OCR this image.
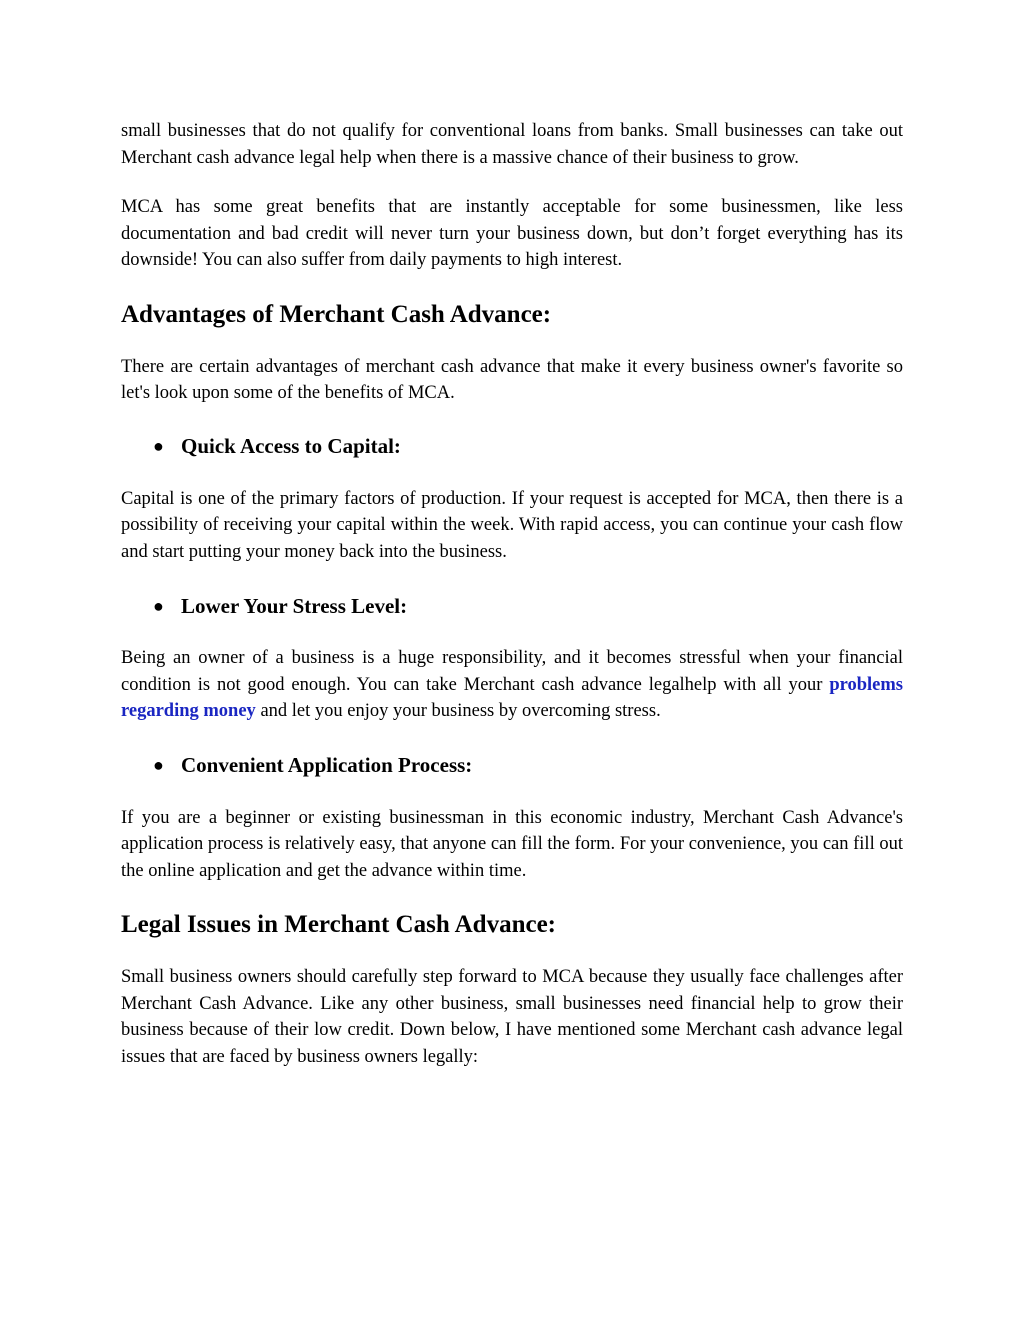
small businesses that do not qualify for conventional loans from banks. Small businesses can take out Merchant cash advance legal help when there is a massive chance of their business to grow.

MCA has some great benefits that are instantly acceptable for some businessmen, like less documentation and bad credit will never turn your business down, but don’t forget everything has its downside! You can also suffer from daily payments to high interest.

Advantages of Merchant Cash Advance:

There are certain advantages of merchant cash advance that make it every business owner's favorite so let's look upon some of the benefits of MCA.

● Quick Access to Capital:

Capital is one of the primary factors of production. If your request is accepted for MCA, then there is a possibility of receiving your capital within the week. With rapid access, you can continue your cash flow and start putting your money back into the business.

● Lower Your Stress Level:

Being an owner of a business is a huge responsibility, and it becomes stressful when your financial condition is not good enough. You can take Merchant cash advance legalhelp with all your problems regarding money and let you enjoy your business by overcoming stress.

● Convenient Application Process:

If you are a beginner or existing businessman in this economic industry, Merchant Cash Advance's application process is relatively easy, that anyone can fill the form. For your convenience, you can fill out the online application and get the advance within time.

Legal Issues in Merchant Cash Advance:

Small business owners should carefully step forward to MCA because they usually face challenges after Merchant Cash Advance. Like any other business, small businesses need financial help to grow their business because of their low credit. Down below, I have mentioned some Merchant cash advance legal issues that are faced by business owners legally:
